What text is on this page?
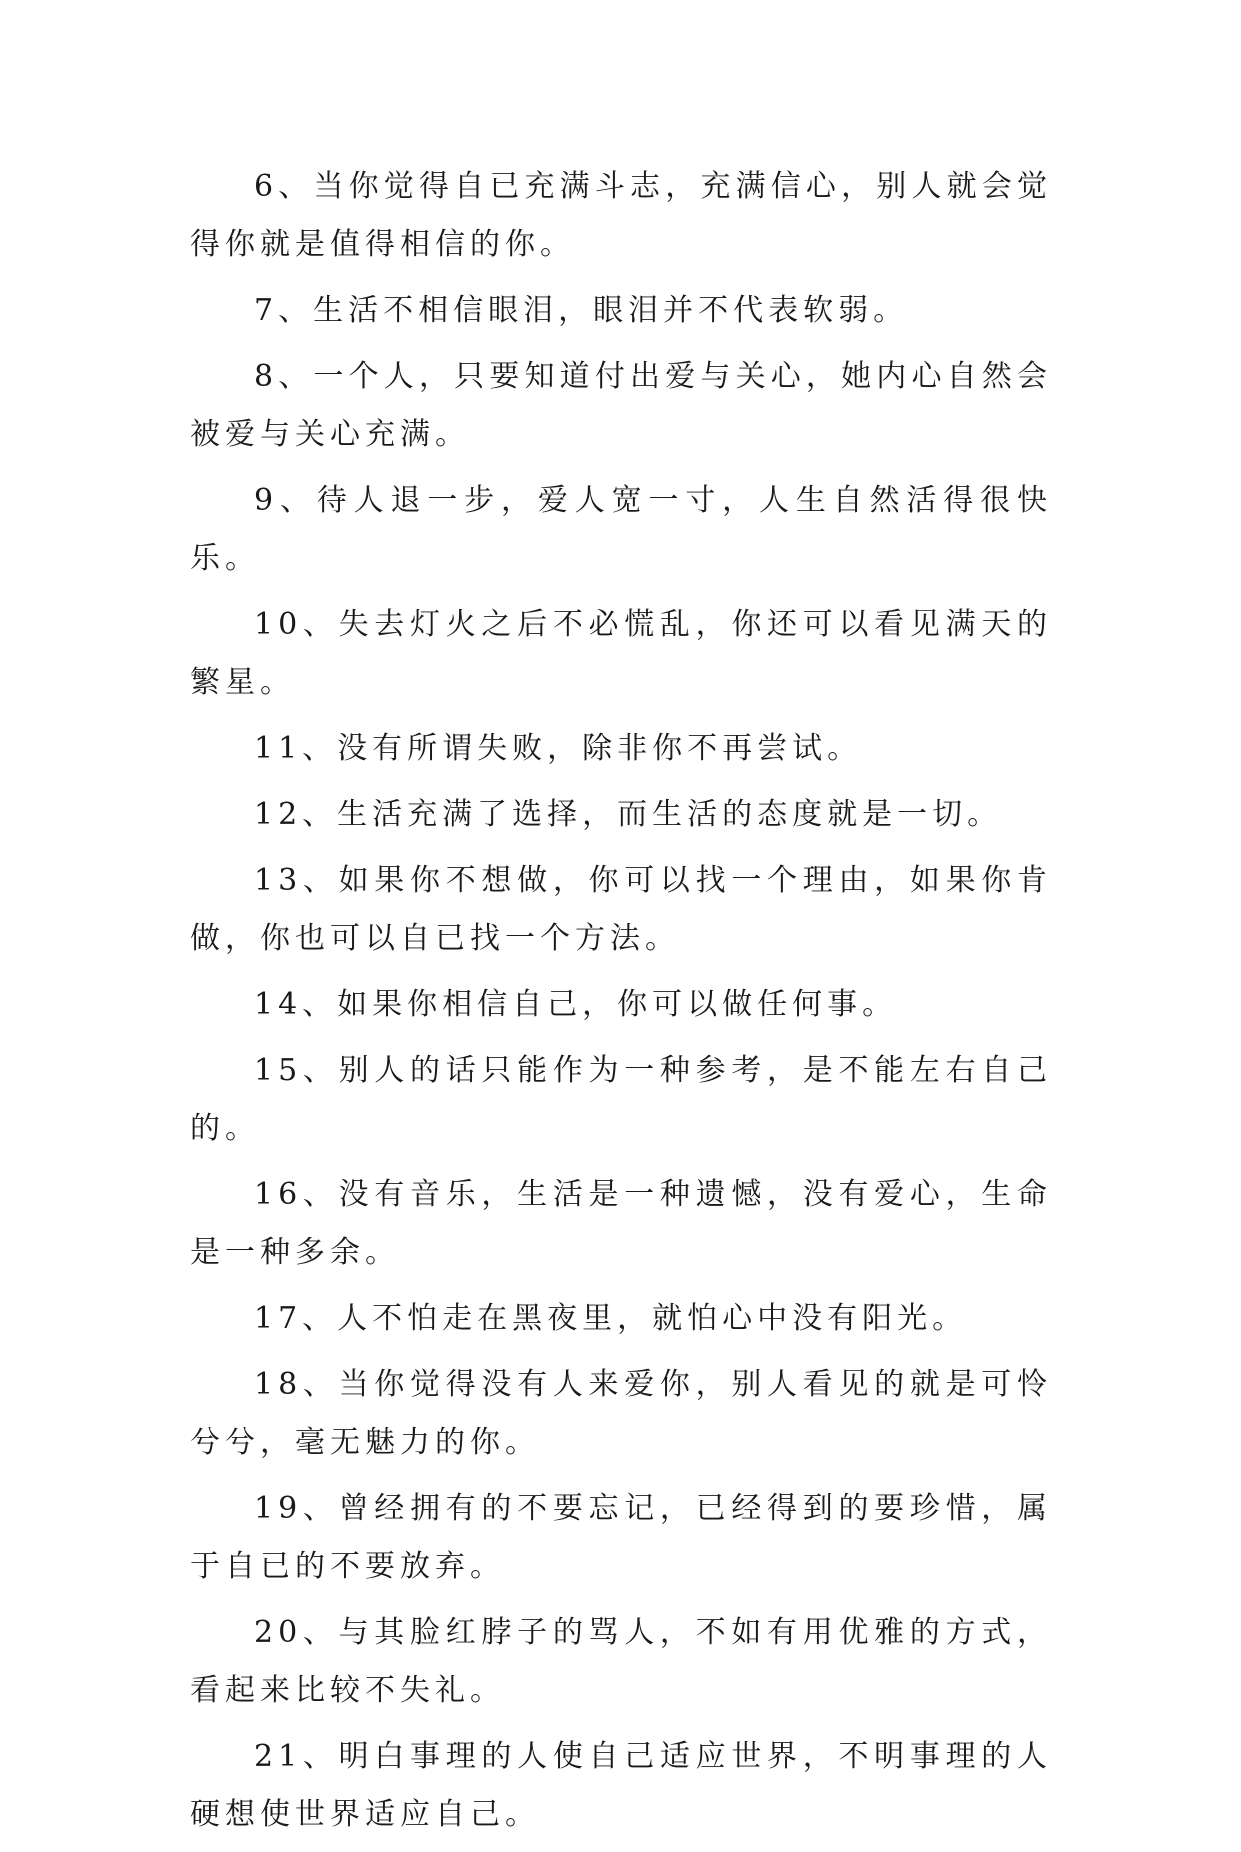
6、当你觉得自已充满斗志，充满信心，别人就会觉得你就是值得相信的你。

7、生活不相信眼泪，眼泪并不代表软弱。

8、一个人，只要知道付出爱与关心，她内心自然会被爱与关心充满。

9、待人退一步，爱人宽一寸，人生自然活得很快乐。

10、失去灯火之后不必慌乱，你还可以看见满天的繁星。

11、没有所谓失败，除非你不再尝试。

12、生活充满了选择，而生活的态度就是一切。

13、如果你不想做，你可以找一个理由，如果你肯做，你也可以自已找一个方法。

14、如果你相信自己，你可以做任何事。

15、别人的话只能作为一种参考，是不能左右自己的。

16、没有音乐，生活是一种遗憾，没有爱心，生命是一种多余。

17、人不怕走在黑夜里，就怕心中没有阳光。

18、当你觉得没有人来爱你，别人看见的就是可怜兮兮，毫无魅力的你。

19、曾经拥有的不要忘记，已经得到的要珍惜，属于自已的不要放弃。

20、与其脸红脖子的骂人，不如有用优雅的方式，看起来比较不失礼。

21、明白事理的人使自己适应世界，不明事理的人硬想使世界适应自己。
